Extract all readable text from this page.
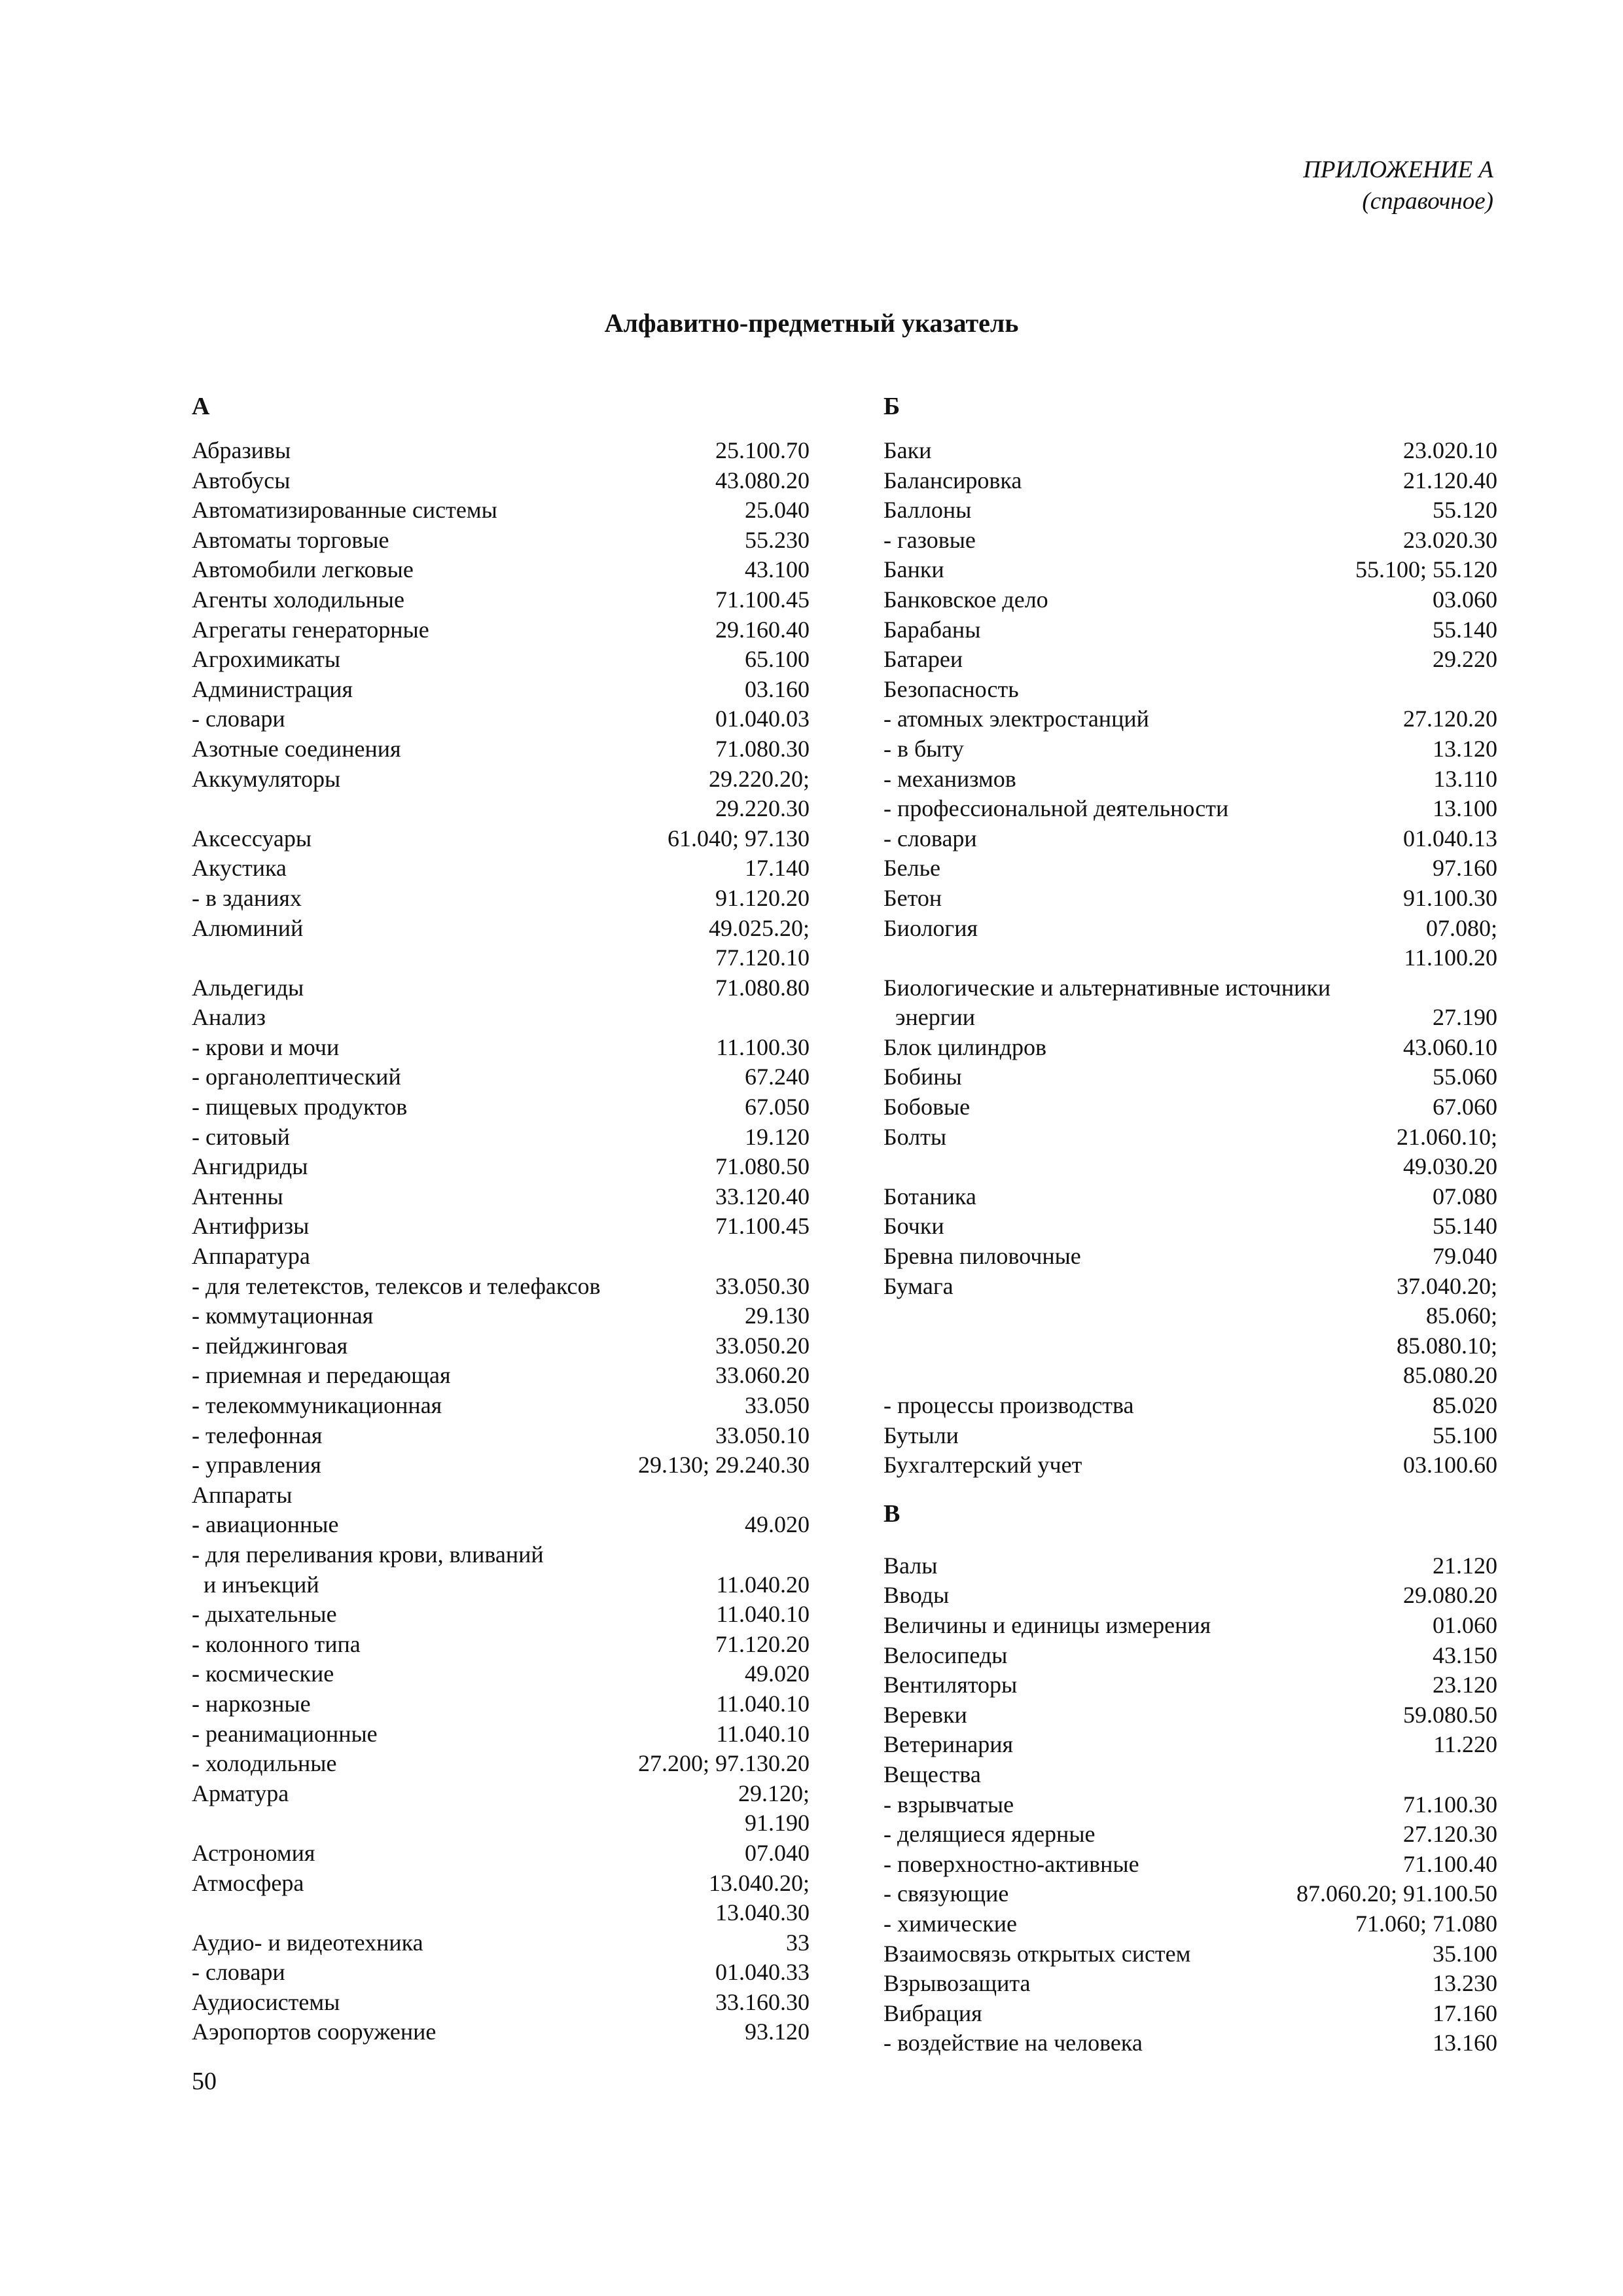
ПРИЛОЖЕНИЕ А
(справочное)
Алфавитно-предметный указатель
А
Абразивы	25.100.70
Автобусы	43.080.20
Автоматизированные системы	25.040
Автоматы торговые	55.230
Автомобили легковые	43.100
Агенты холодильные	71.100.45
Агрегаты генераторные	29.160.40
Агрохимикаты	65.100
Администрация	03.160
- словари	01.040.03
Азотные соединения	71.080.30
Аккумуляторы	29.220.20;
29.220.30
Аксессуары	61.040; 97.130
Акустика	17.140
- в зданиях	91.120.20
Алюминий	49.025.20;
77.120.10
Альдегиды	71.080.80
Анализ
- крови и мочи	11.100.30
- органолептический	67.240
- пищевых продуктов	67.050
- ситовый	19.120
Ангидриды	71.080.50
Антенны	33.120.40
Антифризы	71.100.45
Аппаратура
- для телетекстов, телексов и телефаксов	33.050.30
- коммутационная	29.130
- пейджинговая	33.050.20
- приемная и передающая	33.060.20
- телекоммуникационная	33.050
- телефонная	33.050.10
- управления	29.130; 29.240.30
Аппараты
- авиационные	49.020
- для переливания крови, вливаний
и инъекций	11.040.20
- дыхательные	11.040.10
- колонного типа	71.120.20
- космические	49.020
- наркозные	11.040.10
- реанимационные	11.040.10
- холодильные	27.200; 97.130.20
Арматура	29.120;
91.190
Астрономия	07.040
Атмосфера	13.040.20;
13.040.30
Аудио- и видеотехника	33
- словари	01.040.33
Аудиосистемы	33.160.30
Аэропортов сооружение	93.120
Б
Баки	23.020.10
Балансировка	21.120.40
Баллоны	55.120
- газовые	23.020.30
Банки	55.100; 55.120
Банковское дело	03.060
Барабаны	55.140
Батареи	29.220
Безопасность
- атомных электростанций	27.120.20
- в быту	13.120
- механизмов	13.110
- профессиональной деятельности	13.100
- словари	01.040.13
Белье	97.160
Бетон	91.100.30
Биология	07.080;
11.100.20
Биологические и альтернативные источники
энергии	27.190
Блок цилиндров	43.060.10
Бобины	55.060
Бобовые	67.060
Болты	21.060.10;
49.030.20
Ботаника	07.080
Бочки	55.140
Бревна пиловочные	79.040
Бумага	37.040.20;
85.060;
85.080.10;
85.080.20
- процессы производства	85.020
Бутыли	55.100
Бухгалтерский учет	03.100.60
В
Валы	21.120
Вводы	29.080.20
Величины и единицы измерения	01.060
Велосипеды	43.150
Вентиляторы	23.120
Веревки	59.080.50
Ветеринария	11.220
Вещества
- взрывчатые	71.100.30
- делящиеся ядерные	27.120.30
- поверхностно-активные	71.100.40
- связующие	87.060.20; 91.100.50
- химические	71.060; 71.080
Взаимосвязь открытых систем	35.100
Взрывозащита	13.230
Вибрация	17.160
- воздействие на человека	13.160
50
